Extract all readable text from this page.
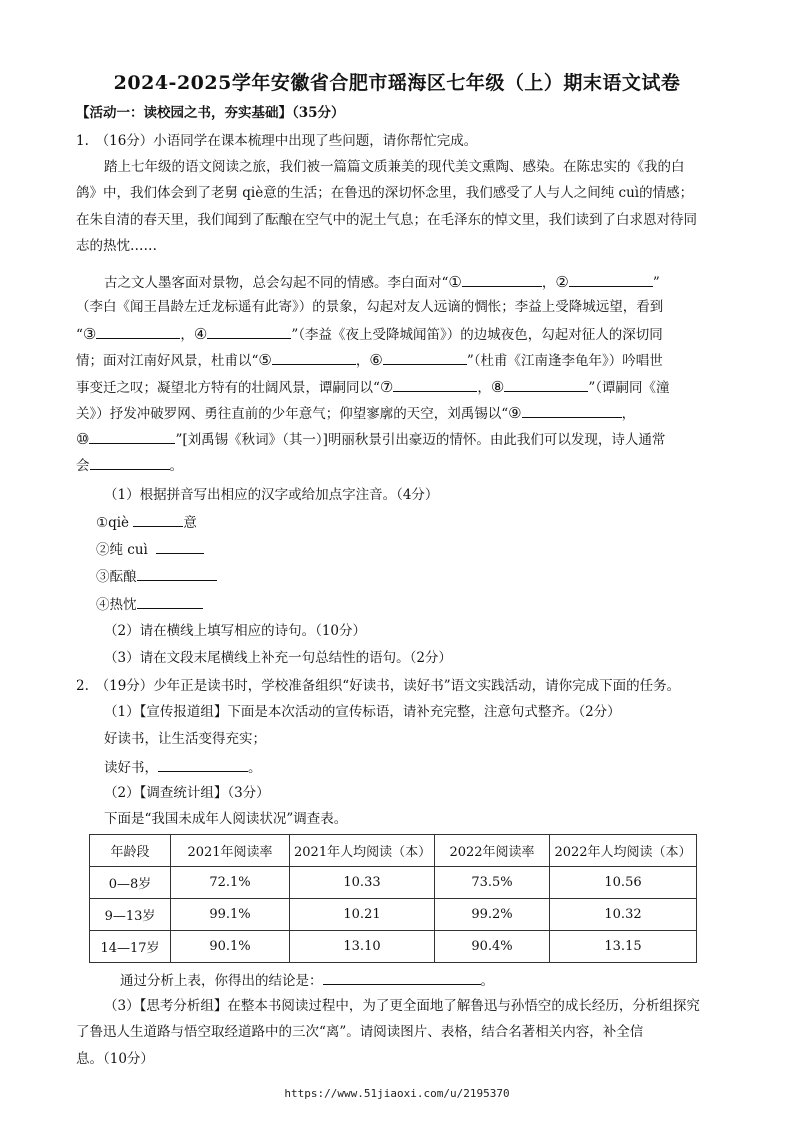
2024-2025学年安徽省合肥市瑶海区七年级（上）期末语文试卷
【活动一：读校园之书，夯实基础】（35分）
1.　（16分）小语同学在课本梳理中出现了些问题，请你帮忙完成。
踏上七年级的语文阅读之旅，我们被一篇篇文质兼美的现代美文熏陶、感染。在陈忠实的《我的白
鸽》中，我们体会到了老舅 qiè意的生活；在鲁迅的深切怀念里，我们感受了人与人之间纯 cuì的情感；
在朱自清的春天里，我们闻到了酝酿在空气中的泥土气息；在毛泽东的悼文里，我们读到了白求恩对待同
志的热忱……
古之文人墨客面对景物，总会勾起不同的情感。李白面对“①	，②	”
（李白《闻王昌龄左迁龙标遥有此寄》）的景象，勾起对友人远谪的惆怅；李益上受降城远望，看到
“③	，④	”（李益《夜上受降城闻笛》）的边城夜色，勾起对征人的深切同
情；面对江南好风景，杜甫以“⑤	，⑥	”（杜甫《江南逢李龟年》）吟唱世
事变迁之叹；凝望北方特有的壮阔风景，谭嗣同以“⑦	，⑧	”（谭嗣同《潼
关》）抒发冲破罗网、勇往直前的少年意气；仰望寥廓的天空，刘禹锡以“⑨	，
⑩	”[刘禹锡《秋词》（其一）]明丽秋景引出豪迈的情怀。由此我们可以发现，诗人通常
会	。
（1）根据拼音写出相应的汉字或给加点字注音。（4分）
①qiè	意
②纯 cuì
③酝酿
④热忱
（2）请在横线上填写相应的诗句。（10分）
（3）请在文段末尾横线上补充一句总结性的语句。（2分）
2.　（19分）少年正是读书时，学校准备组织“好读书，读好书”语文实践活动，请你完成下面的任务。
（1）【宣传报道组】下面是本次活动的宣传标语，请补充完整，注意句式整齐。（2分）
好读书，让生活变得充实；
读好书，	。
（2）【调查统计组】（3分）
下面是“我国未成年人阅读状况”调查表。
年龄段	2021年阅读率	2021年人均阅读（本）	2022年阅读率	2022年人均阅读（本）
0—8岁	72.1%	10.33	73.5%	10.56
9—13岁	99.1%	10.21	99.2%	10.32
14—17岁	90.1%	13.10	90.4%	13.15
通过分析上表，你得出的结论是：	。
（3）【思考分析组】在整本书阅读过程中，为了更全面地了解鲁迅与孙悟空的成长经历，分析组探究
了鲁迅人生道路与悟空取经道路中的三次“离”。请阅读图片、表格，结合名著相关内容，补全信
息。（10分）
https://www.51jiaoxi.com/u/2195370
